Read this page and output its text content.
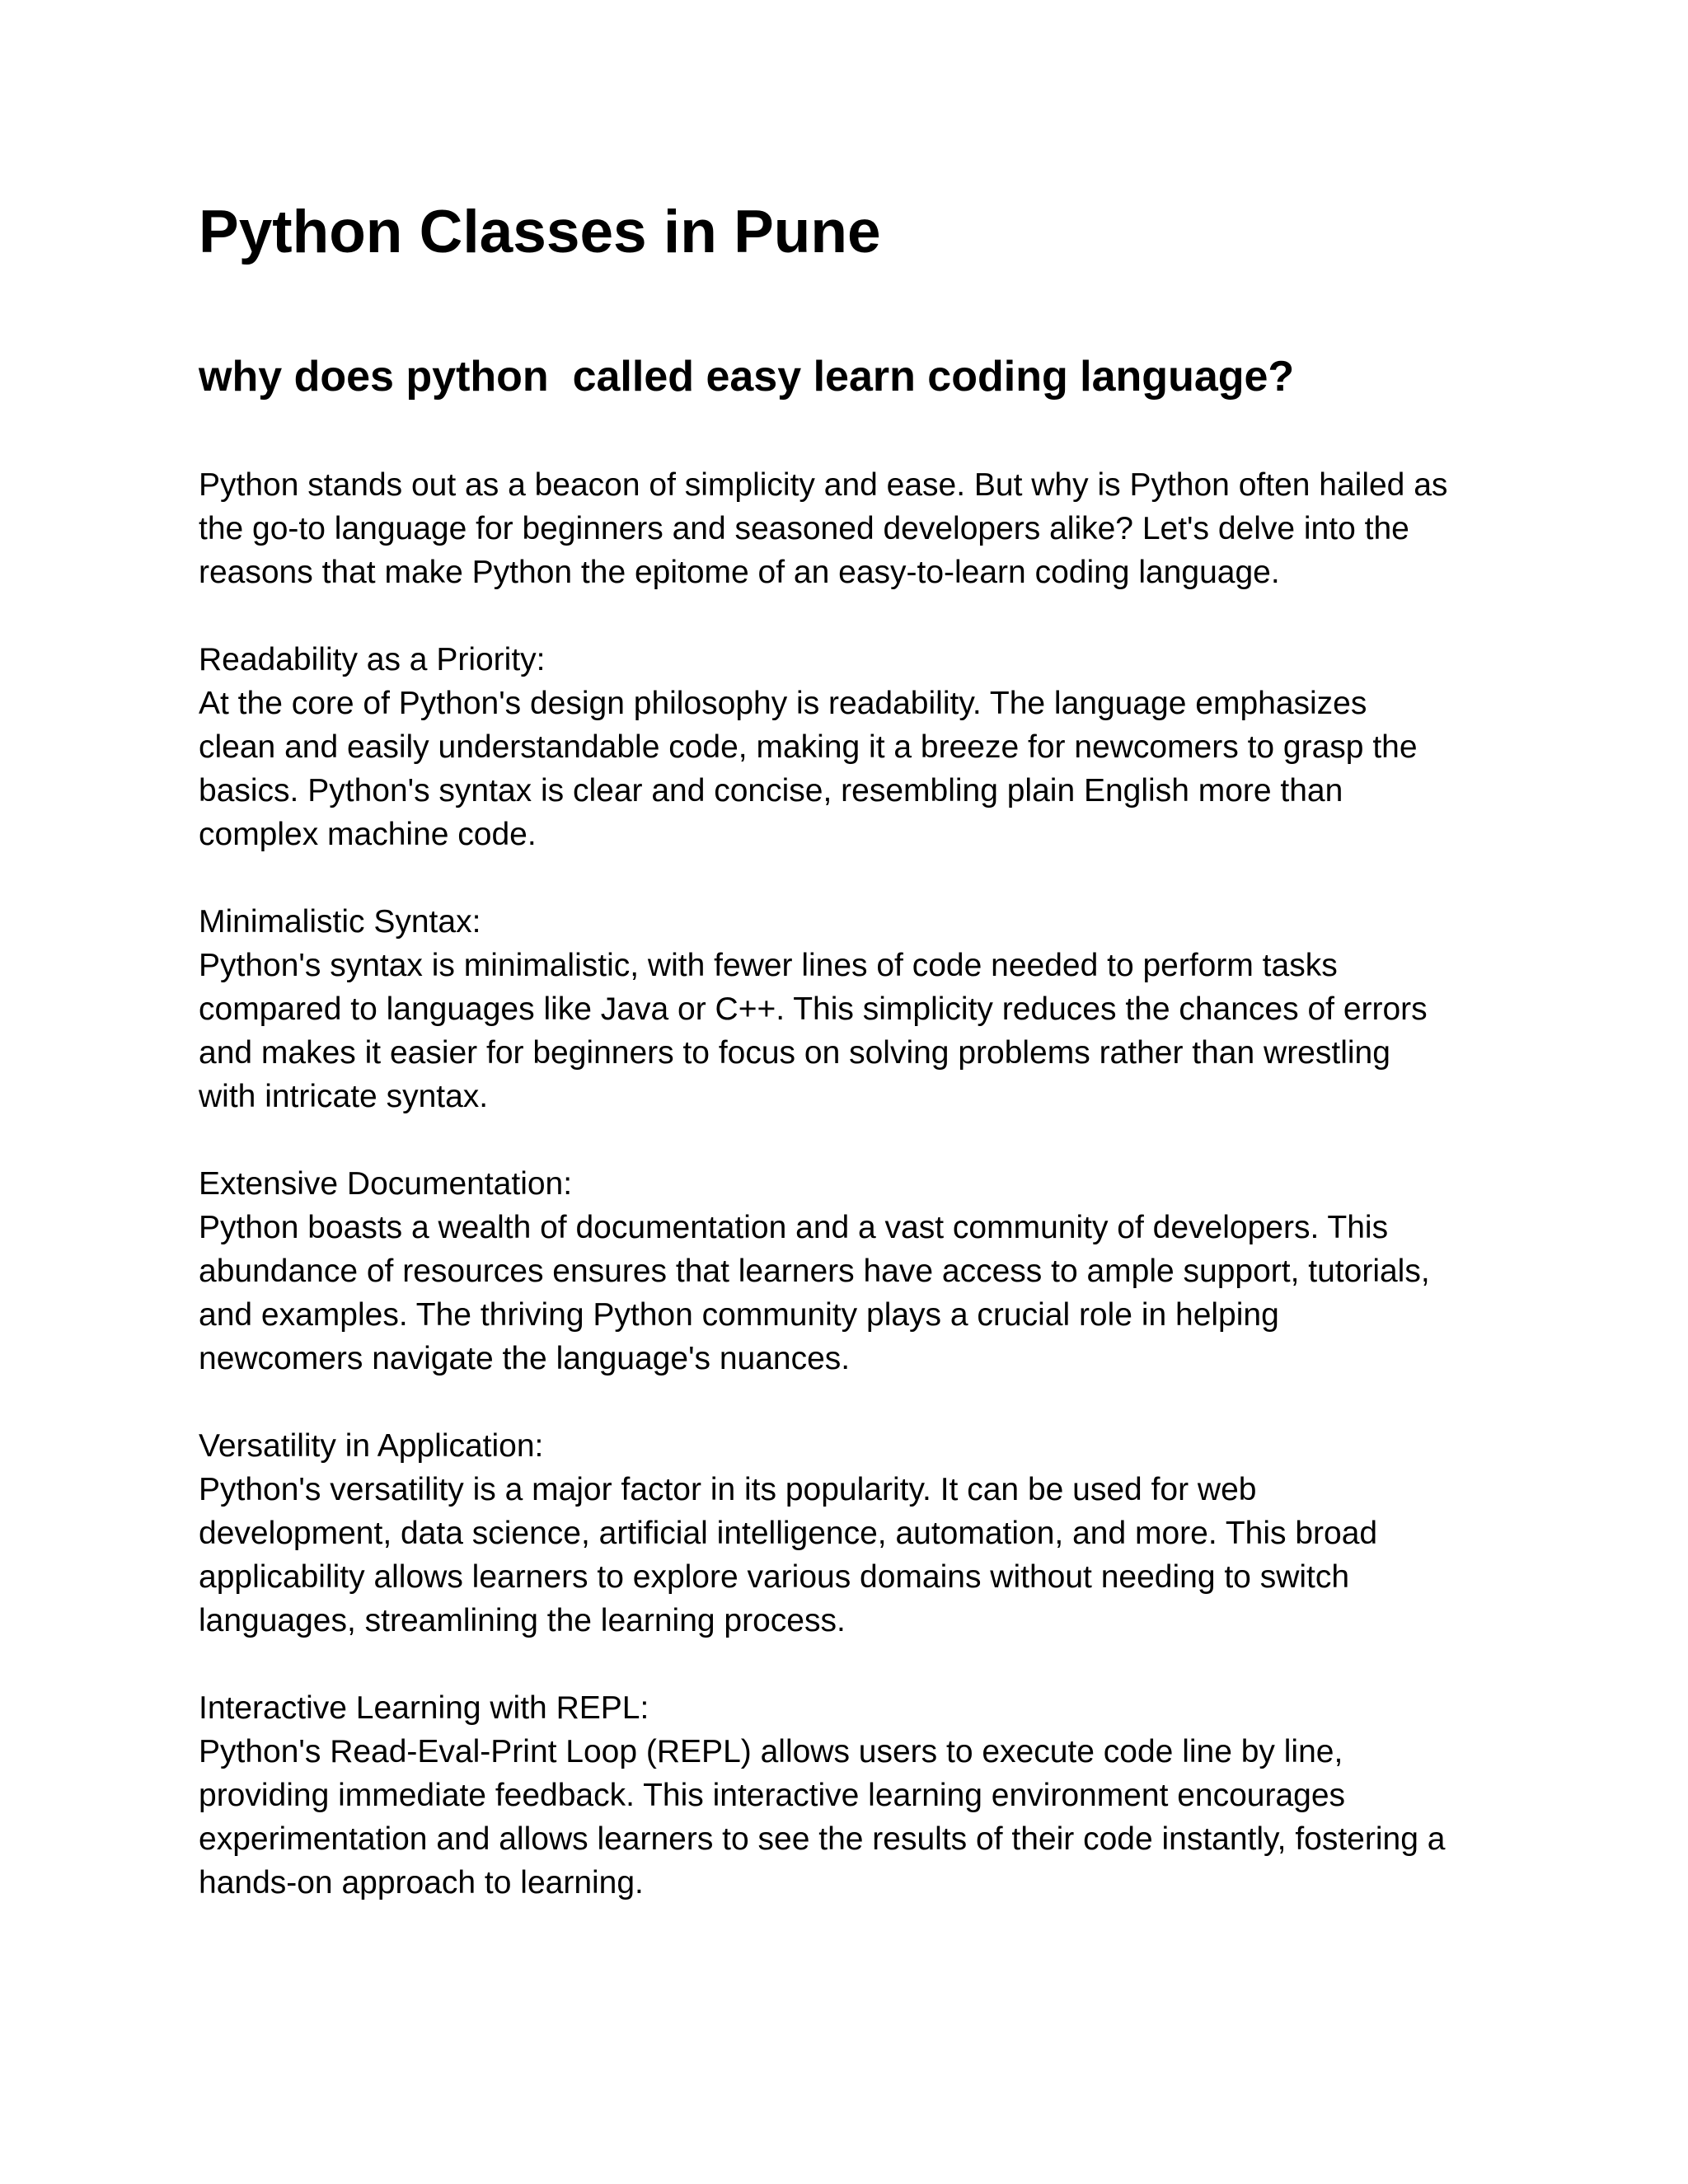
Python Classes in Pune
why does python  called easy learn coding language?

Python stands out as a beacon of simplicity and ease. But why is Python often hailed as
the go-to language for beginners and seasoned developers alike? Let's delve into the
reasons that make Python the epitome of an easy-to-learn coding language.

Readability as a Priority:
At the core of Python's design philosophy is readability. The language emphasizes
clean and easily understandable code, making it a breeze for newcomers to grasp the
basics. Python's syntax is clear and concise, resembling plain English more than
complex machine code.
Minimalistic Syntax:
Python's syntax is minimalistic, with fewer lines of code needed to perform tasks
compared to languages like Java or C++. This simplicity reduces the chances of errors
and makes it easier for beginners to focus on solving problems rather than wrestling
with intricate syntax.
Extensive Documentation:
Python boasts a wealth of documentation and a vast community of developers. This
abundance of resources ensures that learners have access to ample support, tutorials,
and examples. The thriving Python community plays a crucial role in helping
newcomers navigate the language's nuances.
Versatility in Application:
Python's versatility is a major factor in its popularity. It can be used for web
development, data science, artificial intelligence, automation, and more. This broad
applicability allows learners to explore various domains without needing to switch
languages, streamlining the learning process.
Interactive Learning with REPL:
Python's Read-Eval-Print Loop (REPL) allows users to execute code line by line,
providing immediate feedback. This interactive learning environment encourages
experimentation and allows learners to see the results of their code instantly, fostering a
hands-on approach to learning.
